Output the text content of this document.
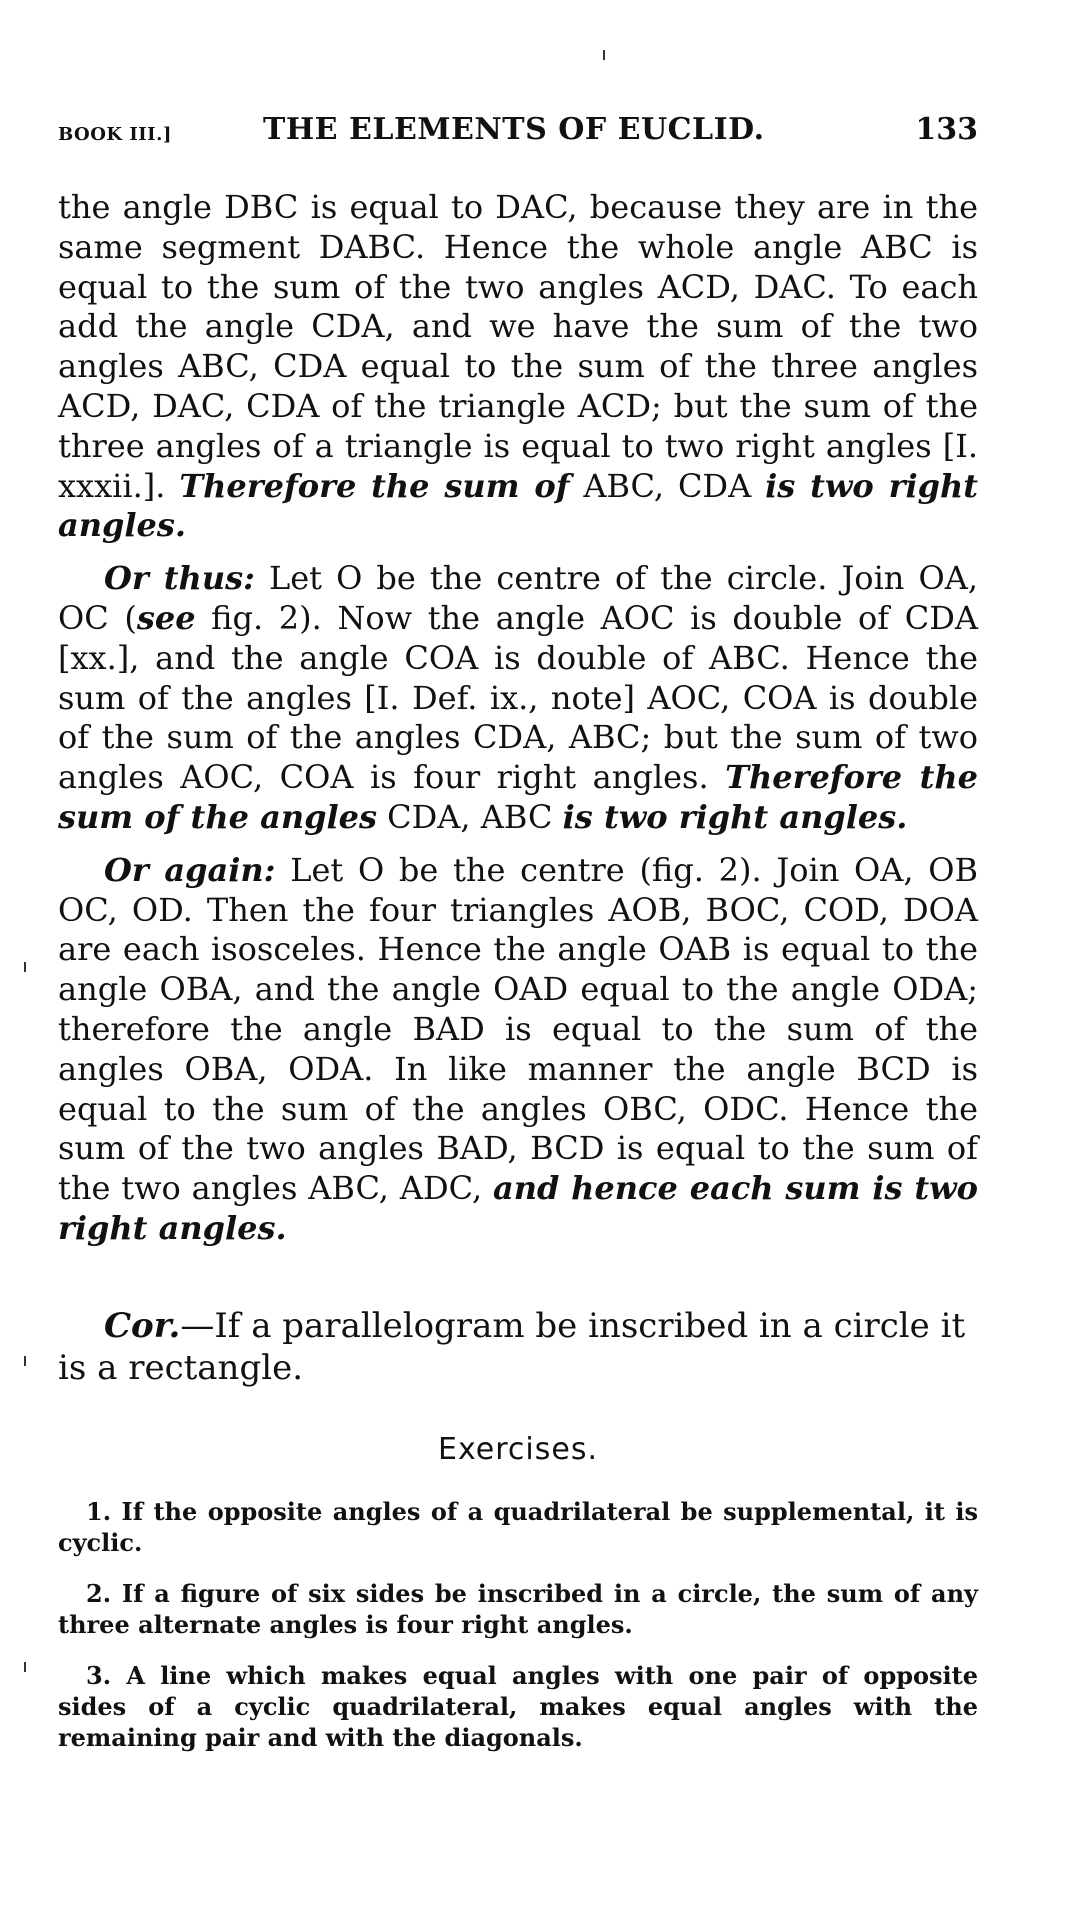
BOOK III.]	THE ELEMENTS OF EUCLID.	133

the angle DBC is equal to DAC, because they are in the same segment DABC. Hence the whole angle ABC is equal to the sum of the two angles ACD, DAC. To each add the angle CDA, and we have the sum of the two angles ABC, CDA equal to the sum of the three angles ACD, DAC, CDA of the triangle ACD; but the sum of the three angles of a triangle is equal to two right angles [I. xxxii.]. Therefore the sum of ABC, CDA is two right angles.

Or thus: Let O be the centre of the circle. Join OA, OC (see fig. 2). Now the angle AOC is double of CDA [xx.], and the angle COA is double of ABC. Hence the sum of the angles [I. Def. ix., note] AOC, COA is double of the sum of the angles CDA, ABC; but the sum of two angles AOC, COA is four right angles. Therefore the sum of the angles CDA, ABC is two right angles.

Or again: Let O be the centre (fig. 2). Join OA, OB OC, OD. Then the four triangles AOB, BOC, COD, DOA are each isosceles. Hence the angle OAB is equal to the angle OBA, and the angle OAD equal to the angle ODA; therefore the angle BAD is equal to the sum of the angles OBA, ODA. In like manner the angle BCD is equal to the sum of the angles OBC, ODC. Hence the sum of the two angles BAD, BCD is equal to the sum of the two angles ABC, ADC, and hence each sum is two right angles.

Cor.—If a parallelogram be inscribed in a circle it is a rectangle.
Exercises.

1. If the opposite angles of a quadrilateral be supplemental, it is cyclic.

2. If a figure of six sides be inscribed in a circle, the sum of any three alternate angles is four right angles.

3. A line which makes equal angles with one pair of opposite sides of a cyclic quadrilateral, makes equal angles with the remaining pair and with the diagonals.
